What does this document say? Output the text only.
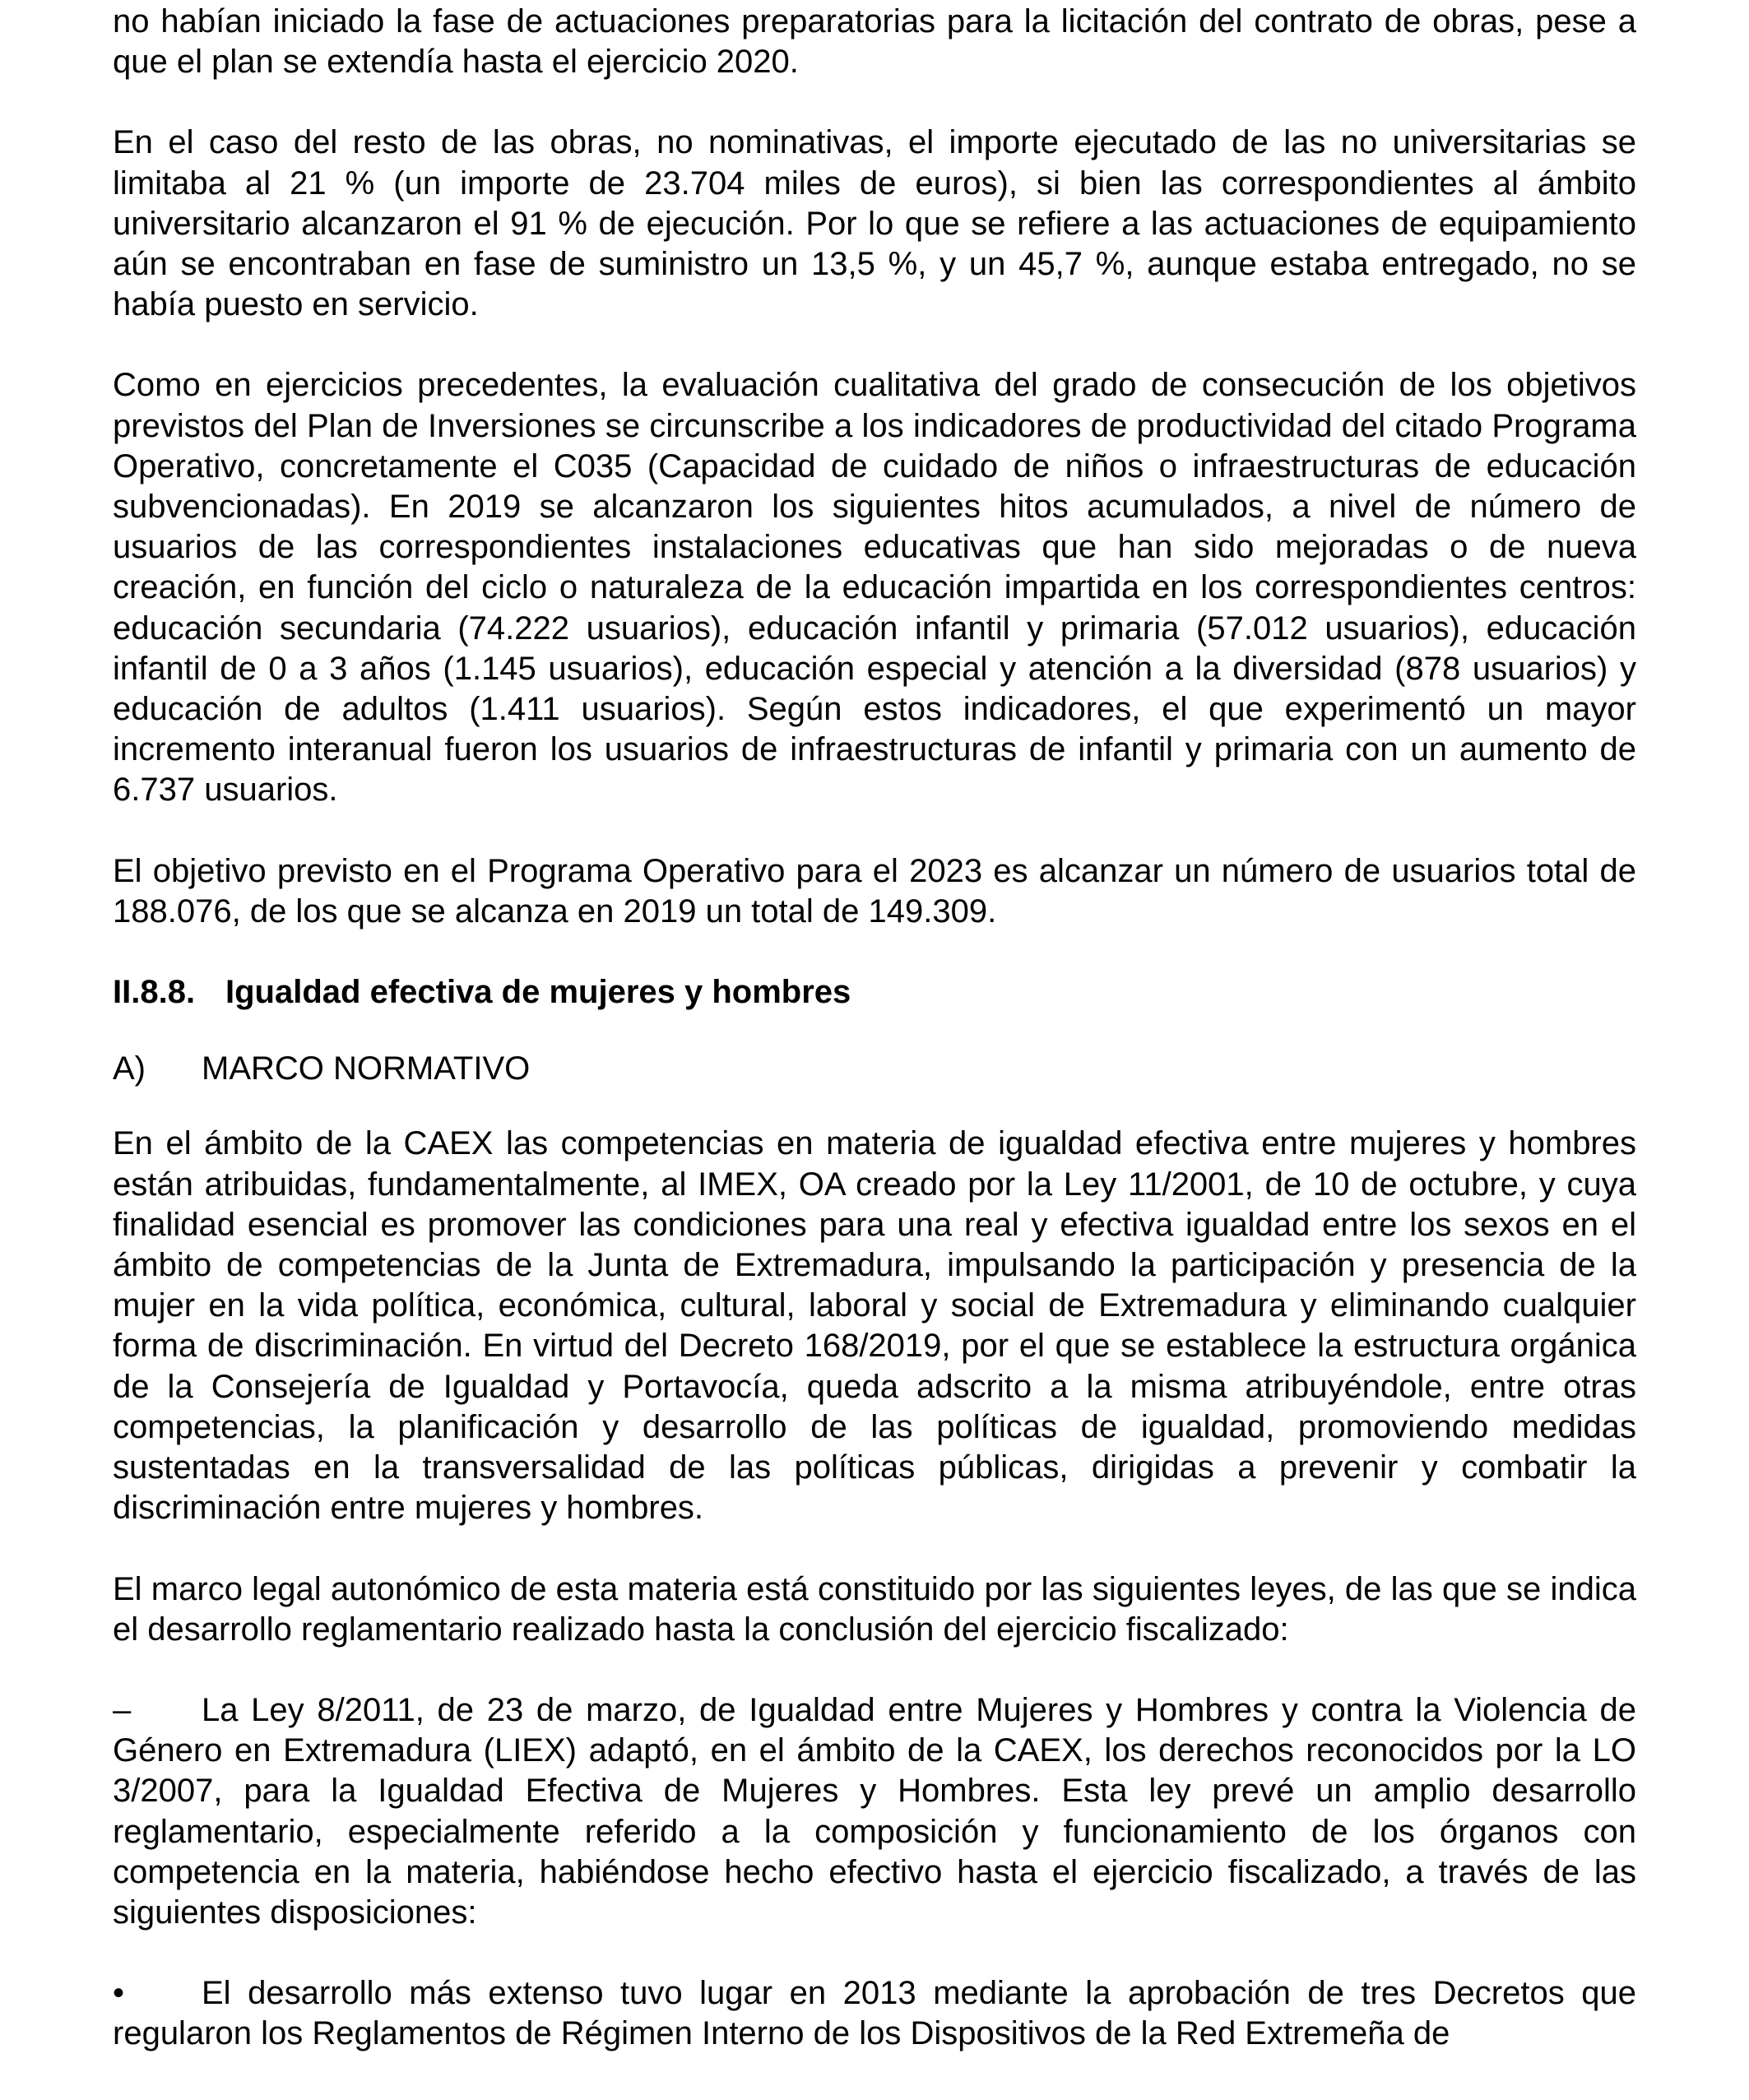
no habían iniciado la fase de actuaciones preparatorias para la licitación del contrato de obras, pese a que el plan se extendía hasta el ejercicio 2020.

En el caso del resto de las obras, no nominativas, el importe ejecutado de las no universitarias se limitaba al 21 % (un importe de 23.704 miles de euros), si bien las correspondientes al ámbito universitario alcanzaron el 91 % de ejecución. Por lo que se refiere a las actuaciones de equipamiento aún se encontraban en fase de suministro un 13,5 %, y un 45,7 %, aunque estaba entregado, no se había puesto en servicio.

Como en ejercicios precedentes, la evaluación cualitativa del grado de consecución de los objetivos previstos del Plan de Inversiones se circunscribe a los indicadores de productividad del citado Programa Operativo, concretamente el C035 (Capacidad de cuidado de niños o infraestructuras de educación subvencionadas). En 2019 se alcanzaron los siguientes hitos acumulados, a nivel de número de usuarios de las correspondientes instalaciones educativas que han sido mejoradas o de nueva creación, en función del ciclo o naturaleza de la educación impartida en los correspondientes centros: educación secundaria (74.222 usuarios), educación infantil y primaria (57.012 usuarios), educación infantil de 0 a 3 años (1.145 usuarios), educación especial y atención a la diversidad (878 usuarios) y educación de adultos (1.411 usuarios). Según estos indicadores, el que experimentó un mayor incremento interanual fueron los usuarios de infraestructuras de infantil y primaria con un aumento de 6.737 usuarios.

El objetivo previsto en el Programa Operativo para el 2023 es alcanzar un número de usuarios total de 188.076, de los que se alcanza en 2019 un total de 149.309.

II.8.8. Igualdad efectiva de mujeres y hombres
A) MARCO NORMATIVO

En el ámbito de la CAEX las competencias en materia de igualdad efectiva entre mujeres y hombres están atribuidas, fundamentalmente, al IMEX, OA creado por la Ley 11/2001, de 10 de octubre, y cuya finalidad esencial es promover las condiciones para una real y efectiva igualdad entre los sexos en el ámbito de competencias de la Junta de Extremadura, impulsando la participación y presencia de la mujer en la vida política, económica, cultural, laboral y social de Extremadura y eliminando cualquier forma de discriminación. En virtud del Decreto 168/2019, por el que se establece la estructura orgánica de la Consejería de Igualdad y Portavocía, queda adscrito a la misma atribuyéndole, entre otras competencias, la planificación y desarrollo de las políticas de igualdad, promoviendo medidas sustentadas en la transversalidad de las políticas públicas, dirigidas a prevenir y combatir la discriminación entre mujeres y hombres.

El marco legal autonómico de esta materia está constituido por las siguientes leyes, de las que se indica el desarrollo reglamentario realizado hasta la conclusión del ejercicio fiscalizado:

– La Ley 8/2011, de 23 de marzo, de Igualdad entre Mujeres y Hombres y contra la Violencia de Género en Extremadura (LIEX) adaptó, en el ámbito de la CAEX, los derechos reconocidos por la LO 3/2007, para la Igualdad Efectiva de Mujeres y Hombres. Esta ley prevé un amplio desarrollo reglamentario, especialmente referido a la composición y funcionamiento de los órganos con competencia en la materia, habiéndose hecho efectivo hasta el ejercicio fiscalizado, a través de las siguientes disposiciones:

• El desarrollo más extenso tuvo lugar en 2013 mediante la aprobación de tres Decretos que regularon los Reglamentos de Régimen Interno de los Dispositivos de la Red Extremeña de
